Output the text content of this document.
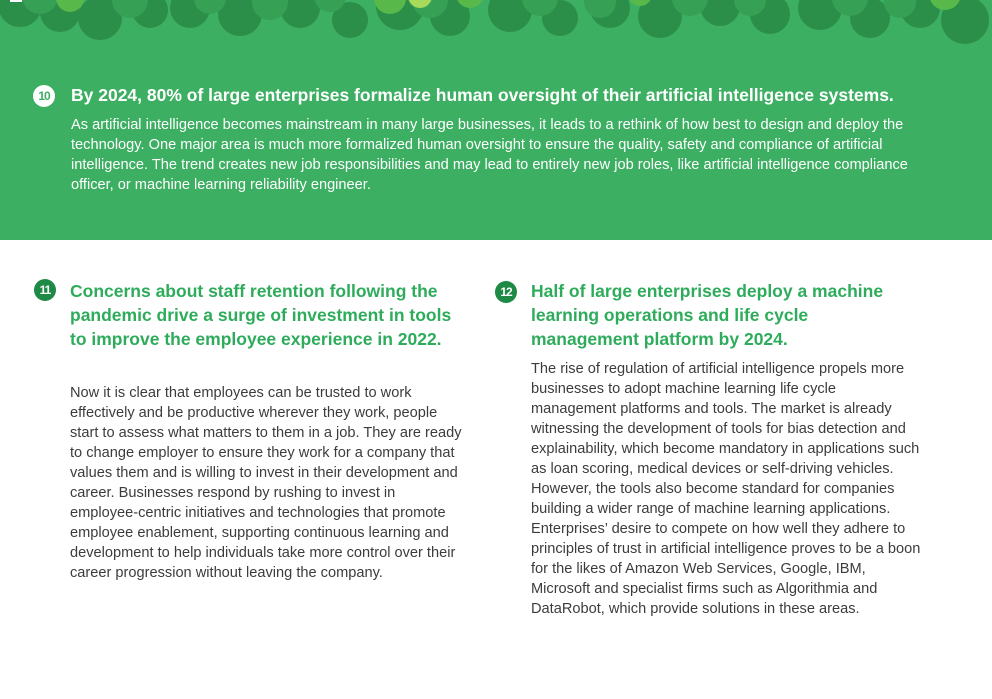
10	By 2024, 80% of large enterprises formalize human oversight of their artificial intelligence systems.
As artificial intelligence becomes mainstream in many large businesses, it leads to a rethink of how best to design and deploy the technology. One major area is much more formalized human oversight to ensure the quality, safety and compliance of artificial intelligence. The trend creates new job responsibilities and may lead to entirely new job roles, like artificial intelligence compliance officer, or machine learning reliability engineer.
11	Concerns about staff retention following the pandemic drive a surge of investment in tools to improve the employee experience in 2022.
Now it is clear that employees can be trusted to work effectively and be productive wherever they work, people start to assess what matters to them in a job. They are ready to change employer to ensure they work for a company that values them and is willing to invest in their development and career. Businesses respond by rushing to invest in employee-centric initiatives and technologies that promote employee enablement, supporting continuous learning and development to help individuals take more control over their career progression without leaving the company.
12	Half of large enterprises deploy a machine learning operations and life cycle management platform by 2024.
The rise of regulation of artificial intelligence propels more businesses to adopt machine learning life cycle management platforms and tools. The market is already witnessing the development of tools for bias detection and explainability, which become mandatory in applications such as loan scoring, medical devices or self-driving vehicles. However, the tools also become standard for companies building a wider range of machine learning applications. Enterprises’ desire to compete on how well they adhere to principles of trust in artificial intelligence proves to be a boon for the likes of Amazon Web Services, Google, IBM, Microsoft and specialist firms such as Algorithmia and DataRobot, which provide solutions in these areas.
